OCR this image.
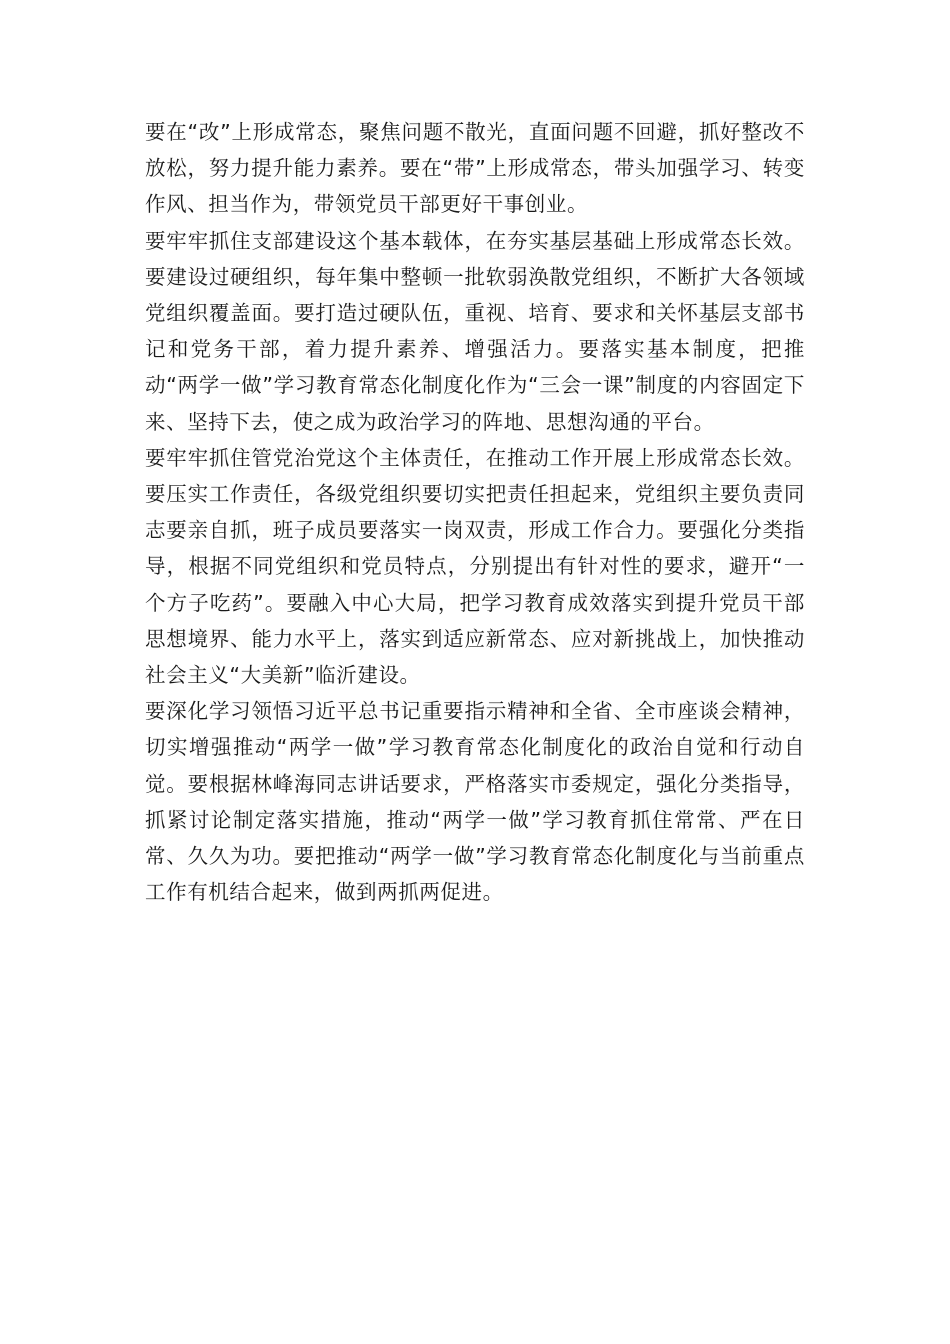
要在“改”上形成常态，聚焦问题不散光，直面问题不回避，抓好整改不放松，努力提升能力素养。要在“带”上形成常态，带头加强学习、转变作风、担当作为，带领党员干部更好干事创业。

要牢牢抓住支部建设这个基本载体，在夯实基层基础上形成常态长效。要建设过硬组织，每年集中整顿一批软弱涣散党组织，不断扩大各领域党组织覆盖面。要打造过硬队伍，重视、培育、要求和关怀基层支部书记和党务干部，着力提升素养、增强活力。要落实基本制度，把推动“两学一做”学习教育常态化制度化作为“三会一课”制度的内容固定下来、坚持下去，使之成为政治学习的阵地、思想沟通的平台。

要牢牢抓住管党治党这个主体责任，在推动工作开展上形成常态长效。要压实工作责任，各级党组织要切实把责任担起来，党组织主要负责同志要亲自抓，班子成员要落实一岗双责，形成工作合力。要强化分类指导，根据不同党组织和党员特点，分别提出有针对性的要求，避开“一个方子吃药”。要融入中心大局，把学习教育成效落实到提升党员干部思想境界、能力水平上，落实到适应新常态、应对新挑战上，加快推动社会主义“大美新”临沂建设。

要深化学习领悟习近平总书记重要指示精神和全省、全市座谈会精神，切实增强推动“两学一做”学习教育常态化制度化的政治自觉和行动自觉。要根据林峰海同志讲话要求，严格落实市委规定，强化分类指导，抓紧讨论制定落实措施，推动“两学一做”学习教育抓住常常、严在日常、久久为功。要把推动“两学一做”学习教育常态化制度化与当前重点工作有机结合起来，做到两抓两促进。
